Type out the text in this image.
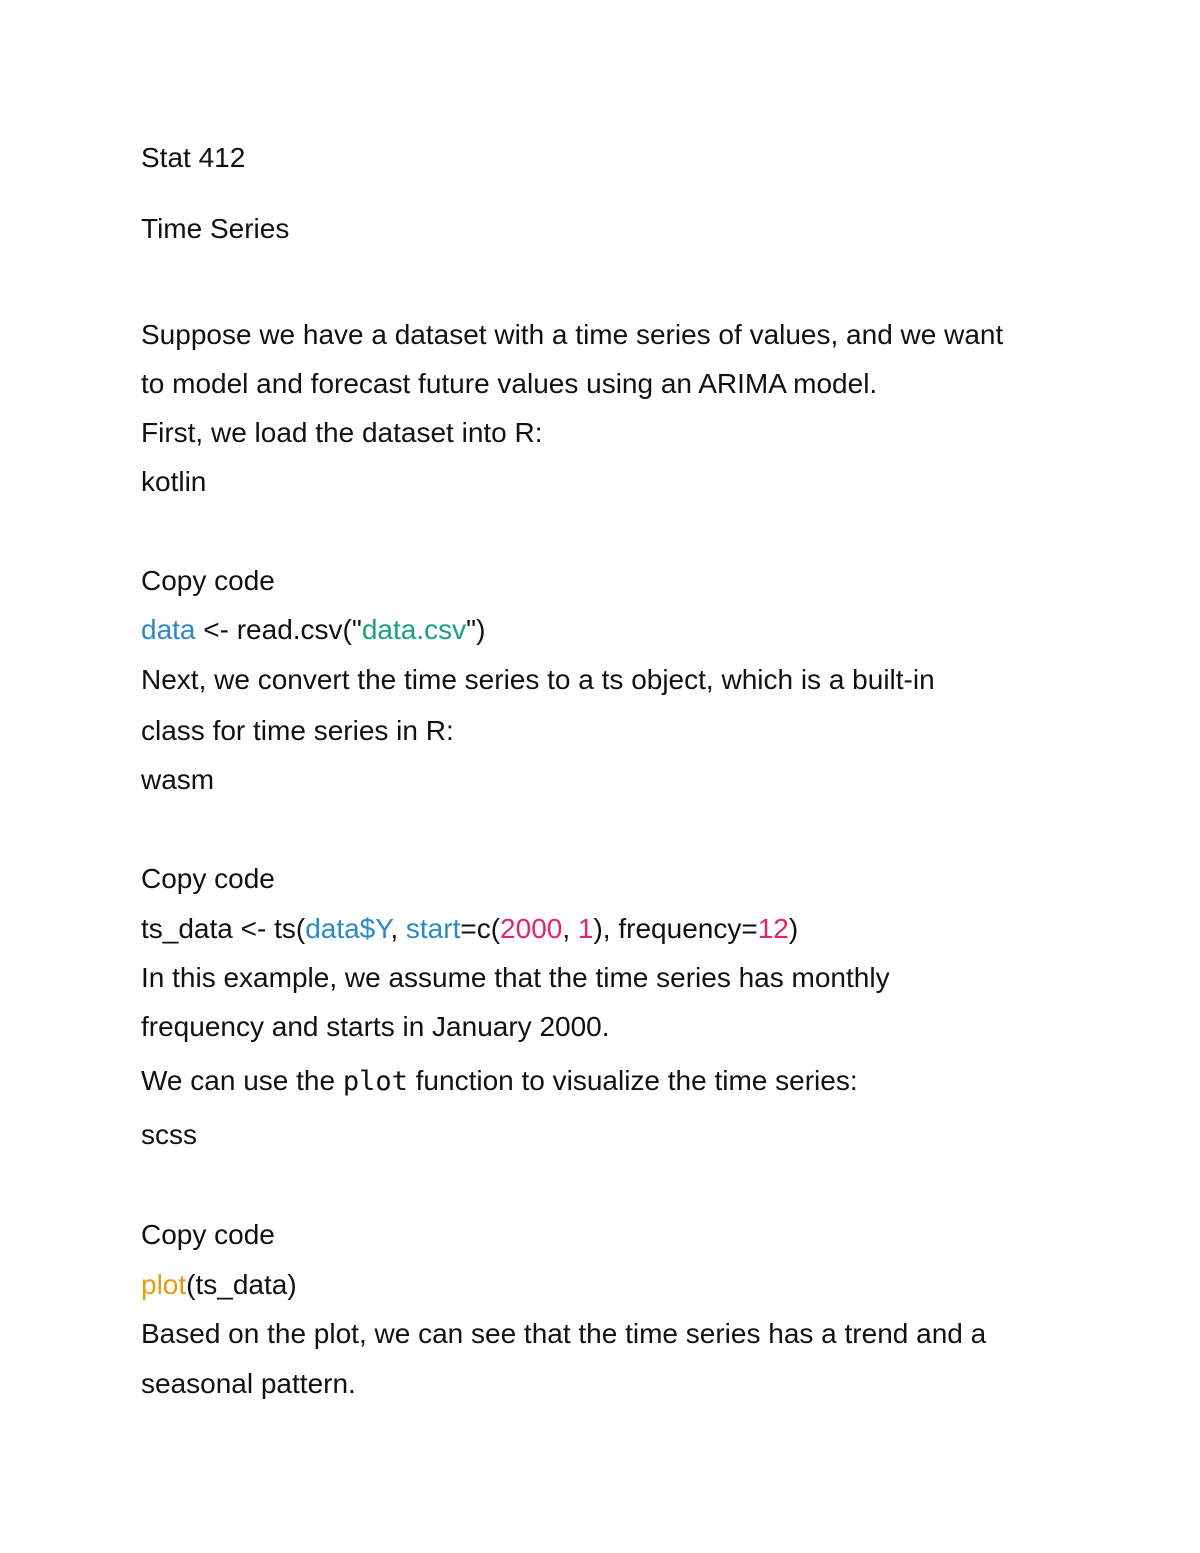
Stat 412

Time Series

Suppose we have a dataset with a time series of values, and we want

to model and forecast future values using an ARIMA model.

First, we load the dataset into R:

kotlin

Copy code

data <- read.csv("data.csv")

Next, we convert the time series to a ts object, which is a built-in

class for time series in R:

wasm

Copy code

ts_data <- ts(data$Y, start=c(2000, 1), frequency=12)

In this example, we assume that the time series has monthly

frequency and starts in January 2000.

We can use the plot function to visualize the time series:

scss

Copy code

plot(ts_data)

Based on the plot, we can see that the time series has a trend and a

seasonal pattern.
